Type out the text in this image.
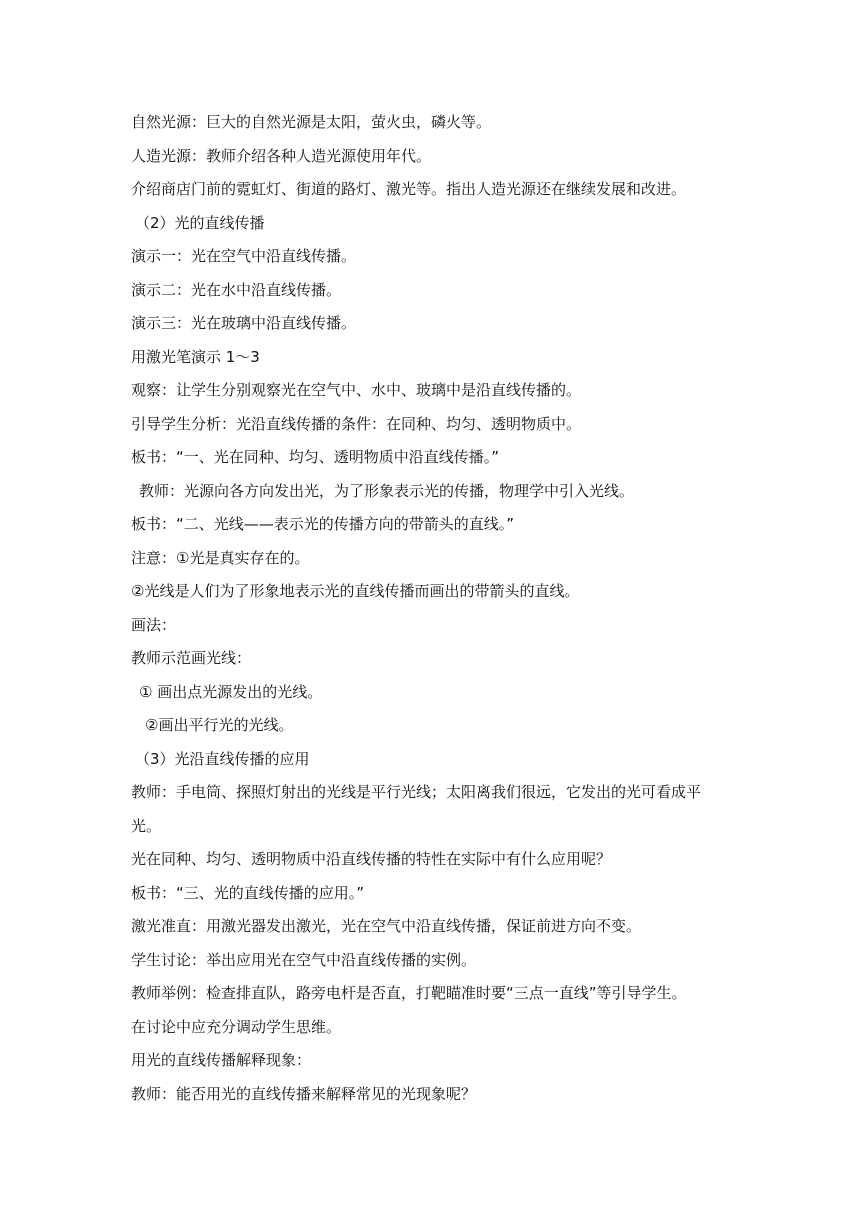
自然光源：巨大的自然光源是太阳，萤火虫，磷火等。
人造光源：教师介绍各种人造光源使用年代。
介绍商店门前的霓虹灯、街道的路灯、激光等。指出人造光源还在继续发展和改进。
（2）光的直线传播
演示一：光在空气中沿直线传播。
演示二：光在水中沿直线传播。
演示三：光在玻璃中沿直线传播。
用激光笔演示 1～3
观察：让学生分别观察光在空气中、水中、玻璃中是沿直线传播的。
引导学生分析：光沿直线传播的条件：在同种、均匀、透明物质中。
板书：“一、光在同种、均匀、透明物质中沿直线传播。”
教师：光源向各方向发出光，为了形象表示光的传播，物理学中引入光线。
板书：“二、光线——表示光的传播方向的带箭头的直线。”
注意：①光是真实存在的。
②光线是人们为了形象地表示光的直线传播而画出的带箭头的直线。
画法：
教师示范画光线：
① 画出点光源发出的光线。
②画出平行光的光线。
（3）光沿直线传播的应用
教师：手电筒、探照灯射出的光线是平行光线；太阳离我们很远，它发出的光可看成平
光。
光在同种、均匀、透明物质中沿直线传播的特性在实际中有什么应用呢？
板书：“三、光的直线传播的应用。”
激光准直：用激光器发出激光，光在空气中沿直线传播，保证前进方向不变。
学生讨论：举出应用光在空气中沿直线传播的实例。
教师举例：检查排直队，路旁电杆是否直，打靶瞄准时要“三点一直线”等引导学生。
在讨论中应充分调动学生思维。
用光的直线传播解释现象：
教师：能否用光的直线传播来解释常见的光现象呢？
